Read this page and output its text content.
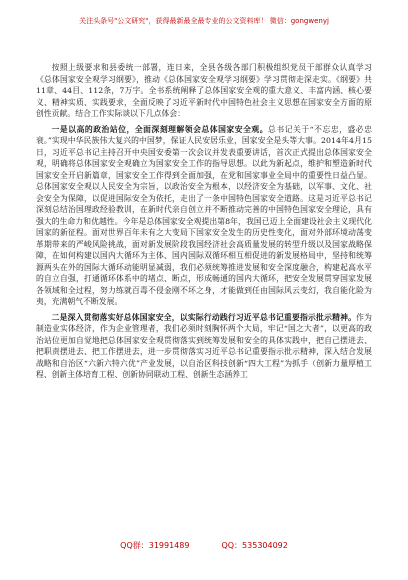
关注头条号"公文研究"，获得最新最全最专业的公文资料库！ 微信：gongwenyj

按照上级要求和县委统一部署，连日来，全县各级各部门积极组织党员干部群众认真学习《总体国家安全观学习纲要》，推动《总体国家安全观学习纲要》学习贯彻走深走实。《纲要》共11章、44目、112条，7万字。全书系统阐释了总体国家安全观的重大意义、丰富内涵、核心要义、精神实质、实践要求，全面反映了习近平新时代中国特色社会主义思想在国家安全方面的原创性贡献。结合工作实际谈以下几点体会：

一是以高的政治站位，全面深刻理解领会总体国家安全观。总书记关于“不忘忠，盛必忠衰。”实现中华民族伟大复兴的中国梦，保证人民安居乐业，国家安全是头等大事。2014年4月15日，习近平总书记主持召开中央国安委第一次会议并发表重要讲话，首次正式提出总体国家安全观，明确将总体国家安全观确立为国家安全工作的指导思想。以此为新起点，维护和塑造新时代国家安全开启新篇章，国家安全工作得到全面加强，在党和国家事业全局中的重要性日益凸显。总体国家安全观以人民安全为宗旨，以政治安全为根本，以经济安全为基础，以军事、文化、社会安全为保障，以促进国际安全为依托，走出了一条中国特色国家安全道路。这是习近平总书记深刻总结治国理政经验教训，在新时代亲自创立并不断推动完善的中国特色国家安全理论，具有强大的生命力和优越性。今年是总体国家安全观提出第8年，我国已迈上全面建设社会主义现代化国家的新征程。面对世界百年未有之大变局下国家安全发生的历史性变化，面对外部环境动荡变革期带来的严峻风险挑战，面对新发展阶段我国经济社会高质量发展的转型升级以及国家战略保障，在如何构建以国内大循环为主体、国内国际双循环相互相促进的新发展格局中，坚持和统筹源两头在外的国际大循环动能明显减弱，我们必须统筹推进发展和安全深度融合，构建起高水平的自立自强，打通循环体系中的堵点、断点，形成畅通的国内大循环，把安全发展贯穿国家发展各领域和全过程，努力练就百毒不侵金刚不坏之身，才能做到任由国际风云变幻，我自能化险为夷，充满朝气不断发展。

二是深入贯彻落实好总体国家安全，以实际行动践行习近平总书记重要指示批示精神。作为制造业实体经济，作为企业管理者，我们必须时刻胸怀两个大局，牢记“国之大者”，以更高的政治站位更加自觉地把总体国家安全观贯彻落实到统筹发展和安全的具体实践中，把自己摆进去、把职责摆进去、把工作摆进去，进一步贯彻落实习近平总书记重要指示批示精神，深入结合发展战略和自治区“六新六特六优”产业发展，以自治区科技创新“四大工程”为抓手（创新力量厚植工程、创新主体培育工程、创新协同联动工程、创新生态涵养工

QQ群：31991489	QQ：535304092
